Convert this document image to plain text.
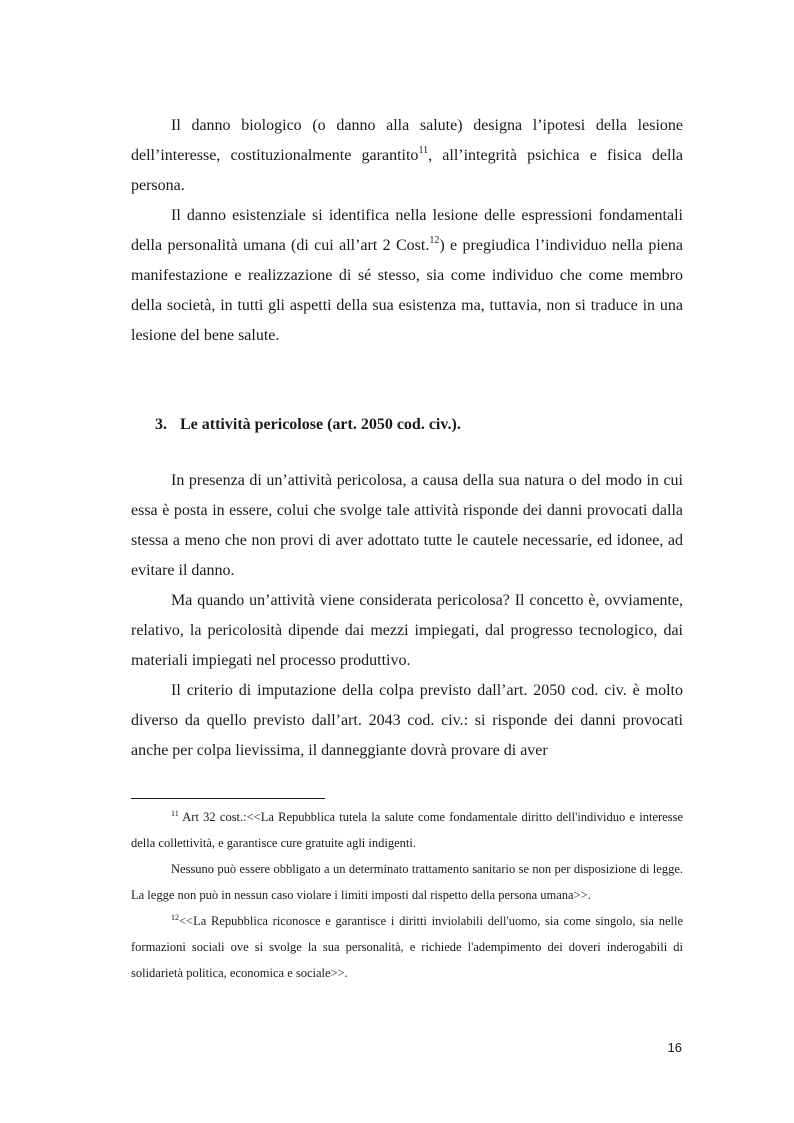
Il danno biologico (o danno alla salute) designa l’ipotesi della lesione dell’interesse, costituzionalmente garantito$^{11}$, all’integrità psichica e fisica della persona.

Il danno esistenziale si identifica nella lesione delle espressioni fondamentali della personalità umana (di cui all’art 2 Cost.$^{12}$) e pregiudica l’individuo nella piena manifestazione e realizzazione di sé stesso, sia come individuo che come membro della società, in tutti gli aspetti della sua esistenza ma, tuttavia, non si traduce in una lesione del bene salute.

3. Le attività pericolose (art. 2050 cod. civ.).

In presenza di un’attività pericolosa, a causa della sua natura o del modo in cui essa è posta in essere, colui che svolge tale attività risponde dei danni provocati dalla stessa a meno che non provi di aver adottato tutte le cautele necessarie, ed idonee, ad evitare il danno.

Ma quando un’attività viene considerata pericolosa? Il concetto è, ovviamente, relativo, la pericolosità dipende dai mezzi impiegati, dal progresso tecnologico, dai materiali impiegati nel processo produttivo.

Il criterio di imputazione della colpa previsto dall’art. 2050 cod. civ. è molto diverso da quello previsto dall’art. 2043 cod. civ.: si risponde dei danni provocati anche per colpa lievissima, il danneggiante dovrà provare di aver

$^{11}$ Art 32 cost.:<<La Repubblica tutela la salute come fondamentale diritto dell'individuo e interesse della collettività, e garantisce cure gratuite agli indigenti.

Nessuno può essere obbligato a un determinato trattamento sanitario se non per disposizione di legge. La legge non può in nessun caso violare i limiti imposti dal rispetto della persona umana>>.

$^{12}$<<La Repubblica riconosce e garantisce i diritti inviolabili dell'uomo, sia come singolo, sia nelle formazioni sociali ove si svolge la sua personalità, e richiede l'adempimento dei doveri inderogabili di solidarietà politica, economica e sociale>>.

16
